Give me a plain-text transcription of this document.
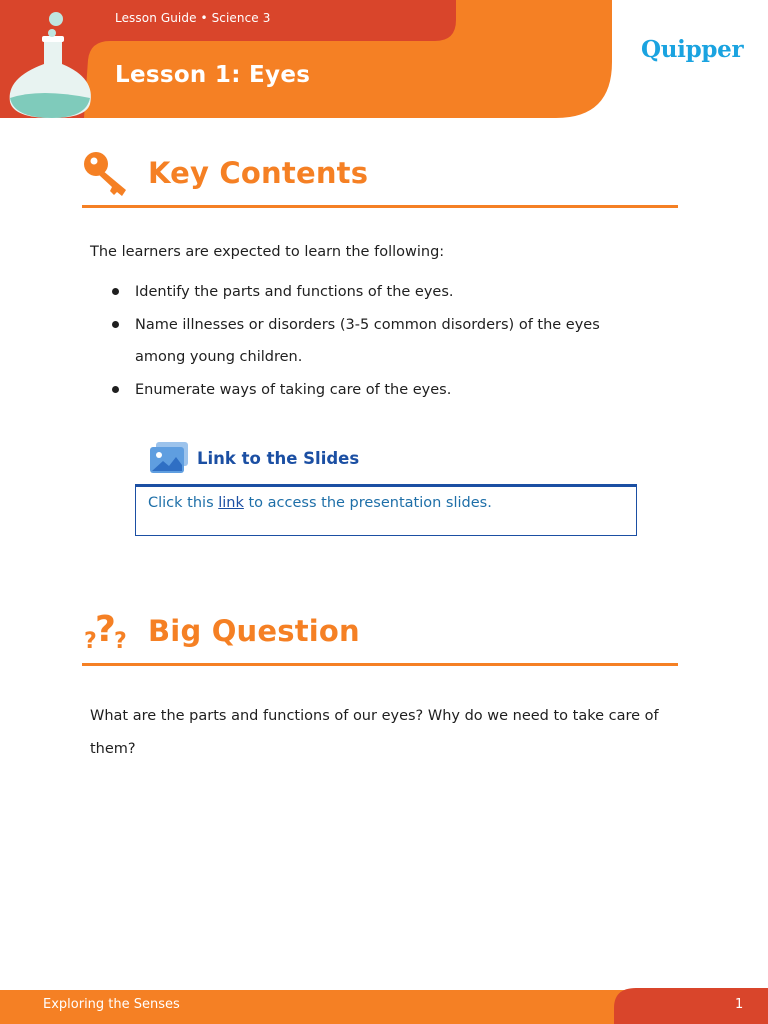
Lesson Guide • Science 3
Lesson 1: Eyes
Quipper
Key Contents
The learners are expected to learn the following:
Identify the parts and functions of the eyes.
Name illnesses or disorders (3-5 common disorders) of the eyes among young children.
Enumerate ways of taking care of the eyes.
Link to the Slides
Click this link to access the presentation slides.
?
?
? Big Question
What are the parts and functions of our eyes? Why do we need to take care of them?
Exploring the Senses	1
